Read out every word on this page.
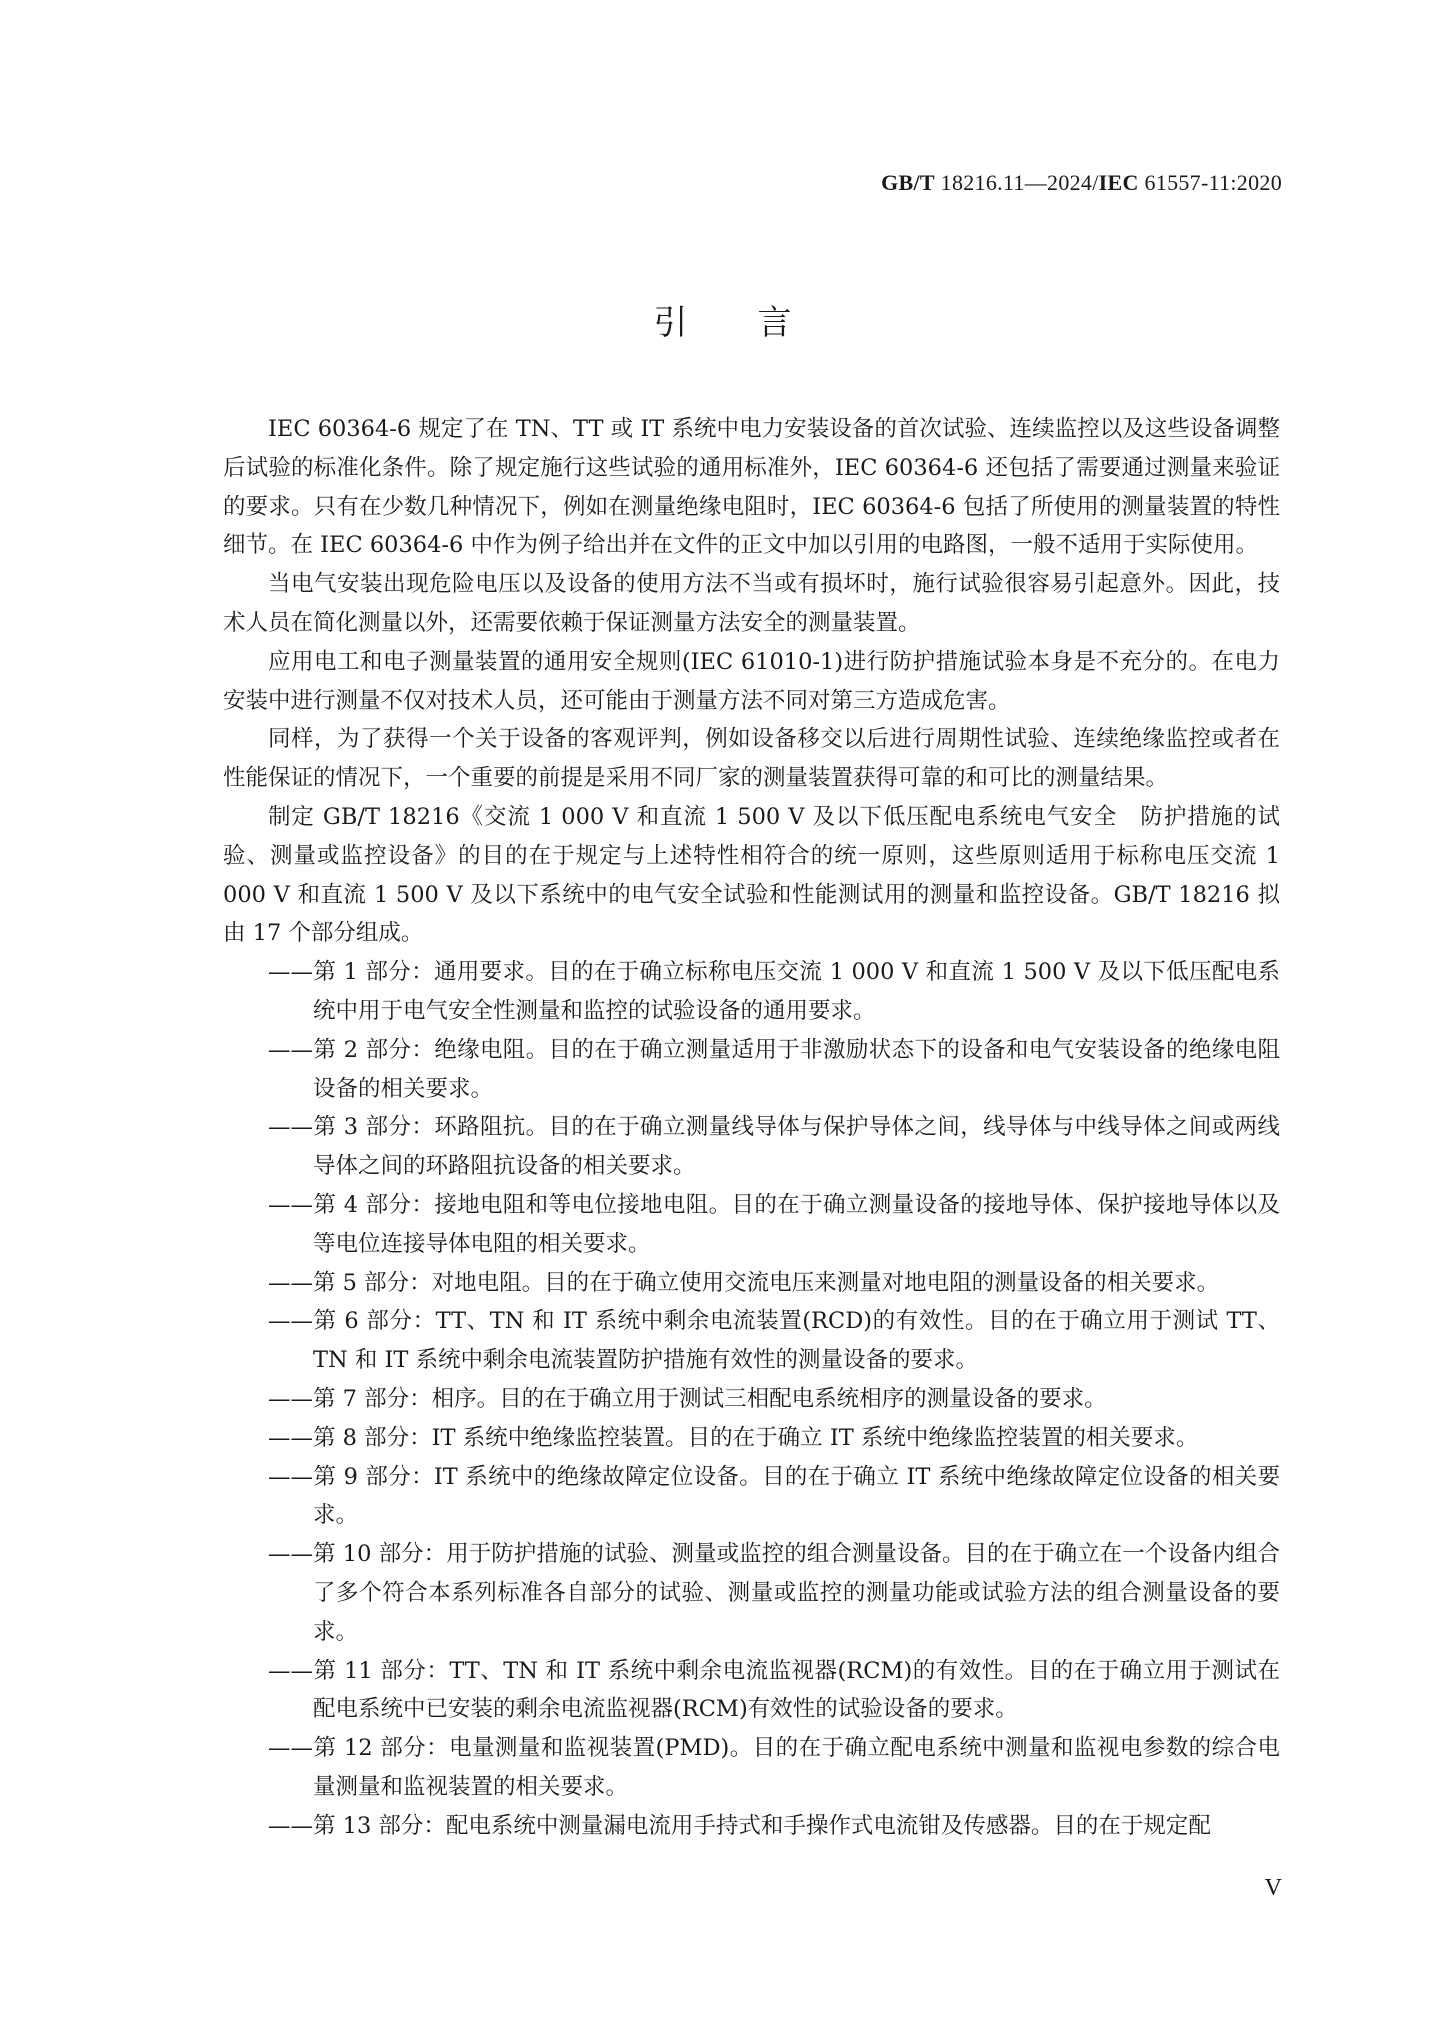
GB/T 18216.11—2024/IEC 61557-11:2020
引言

IEC 60364-6 规定了在 TN、TT 或 IT 系统中电力安装设备的首次试验、连续监控以及这些设备调整后试验的标准化条件。除了规定施行这些试验的通用标准外，IEC 60364-6 还包括了需要通过测量来验证的要求。只有在少数几种情况下，例如在测量绝缘电阻时，IEC 60364-6 包括了所使用的测量装置的特性细节。在 IEC 60364-6 中作为例子给出并在文件的正文中加以引用的电路图，一般不适用于实际使用。

当电气安装出现危险电压以及设备的使用方法不当或有损坏时，施行试验很容易引起意外。因此，技术人员在简化测量以外，还需要依赖于保证测量方法安全的测量装置。

应用电工和电子测量装置的通用安全规则(IEC 61010-1)进行防护措施试验本身是不充分的。在电力安装中进行测量不仅对技术人员，还可能由于测量方法不同对第三方造成危害。

同样，为了获得一个关于设备的客观评判，例如设备移交以后进行周期性试验、连续绝缘监控或者在性能保证的情况下，一个重要的前提是采用不同厂家的测量装置获得可靠的和可比的测量结果。

制定 GB/T 18216《交流 1 000 V 和直流 1 500 V 及以下低压配电系统电气安全　防护措施的试验、测量或监控设备》的目的在于规定与上述特性相符合的统一原则，这些原则适用于标称电压交流 1 000 V 和直流 1 500 V 及以下系统中的电气安全试验和性能测试用的测量和监控设备。GB/T 18216 拟由 17 个部分组成。

——第 1 部分：通用要求。目的在于确立标称电压交流 1 000 V 和直流 1 500 V 及以下低压配电系统中用于电气安全性测量和监控的试验设备的通用要求。
——第 2 部分：绝缘电阻。目的在于确立测量适用于非激励状态下的设备和电气安装设备的绝缘电阻设备的相关要求。
——第 3 部分：环路阻抗。目的在于确立测量线导体与保护导体之间，线导体与中线导体之间或两线导体之间的环路阻抗设备的相关要求。
——第 4 部分：接地电阻和等电位接地电阻。目的在于确立测量设备的接地导体、保护接地导体以及等电位连接导体电阻的相关要求。
——第 5 部分：对地电阻。目的在于确立使用交流电压来测量对地电阻的测量设备的相关要求。
——第 6 部分：TT、TN 和 IT 系统中剩余电流装置(RCD)的有效性。目的在于确立用于测试 TT、TN 和 IT 系统中剩余电流装置防护措施有效性的测量设备的要求。
——第 7 部分：相序。目的在于确立用于测试三相配电系统相序的测量设备的要求。
——第 8 部分：IT 系统中绝缘监控装置。目的在于确立 IT 系统中绝缘监控装置的相关要求。
——第 9 部分：IT 系统中的绝缘故障定位设备。目的在于确立 IT 系统中绝缘故障定位设备的相关要求。
——第 10 部分：用于防护措施的试验、测量或监控的组合测量设备。目的在于确立在一个设备内组合了多个符合本系列标准各自部分的试验、测量或监控的测量功能或试验方法的组合测量设备的要求。
——第 11 部分：TT、TN 和 IT 系统中剩余电流监视器(RCM)的有效性。目的在于确立用于测试在配电系统中已安装的剩余电流监视器(RCM)有效性的试验设备的要求。
——第 12 部分：电量测量和监视装置(PMD)。目的在于确立配电系统中测量和监视电参数的综合电量测量和监视装置的相关要求。
——第 13 部分：配电系统中测量漏电流用手持式和手操作式电流钳及传感器。目的在于规定配
V
